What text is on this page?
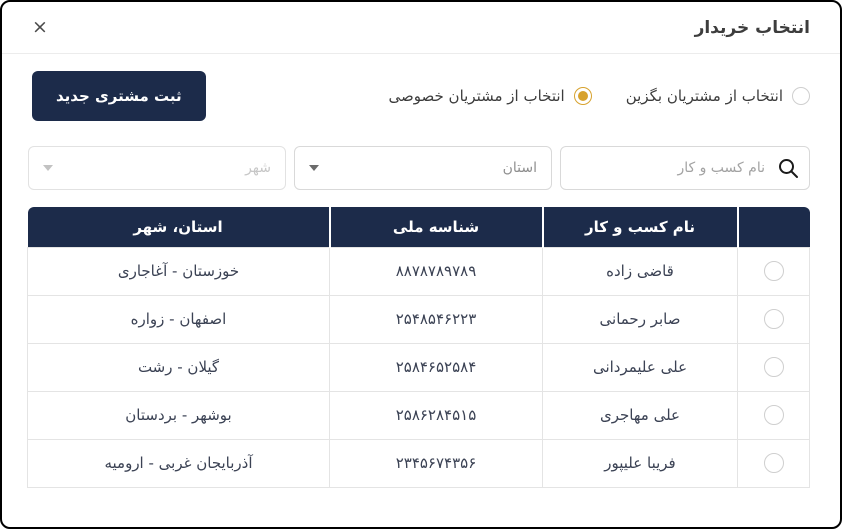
انتخاب خریدار
×
انتخاب از مشتریان بگزین
انتخاب از مشتریان خصوصی
ثبت مشتری جدید
نام کسب و کار
استان
شهر
	نام کسب و کار	شناسه ملی	استان، شهر
	قاضی زاده	۸۸۷۸۷۸۹۷۸۹	خوزستان - آغاجاری
	صابر رحمانی	۲۵۴۸۵۴۶۲۲۳	اصفهان - زواره
	علی علیمردانی	۲۵۸۴۶۵۲۵۸۴	گیلان - رشت
	علی مهاجری	۲۵۸۶۲۸۴۵۱۵	بوشهر - بردستان
	فریبا علیپور	۲۳۴۵۶۷۴۳۵۶	آذربایجان غربی - ارومیه
